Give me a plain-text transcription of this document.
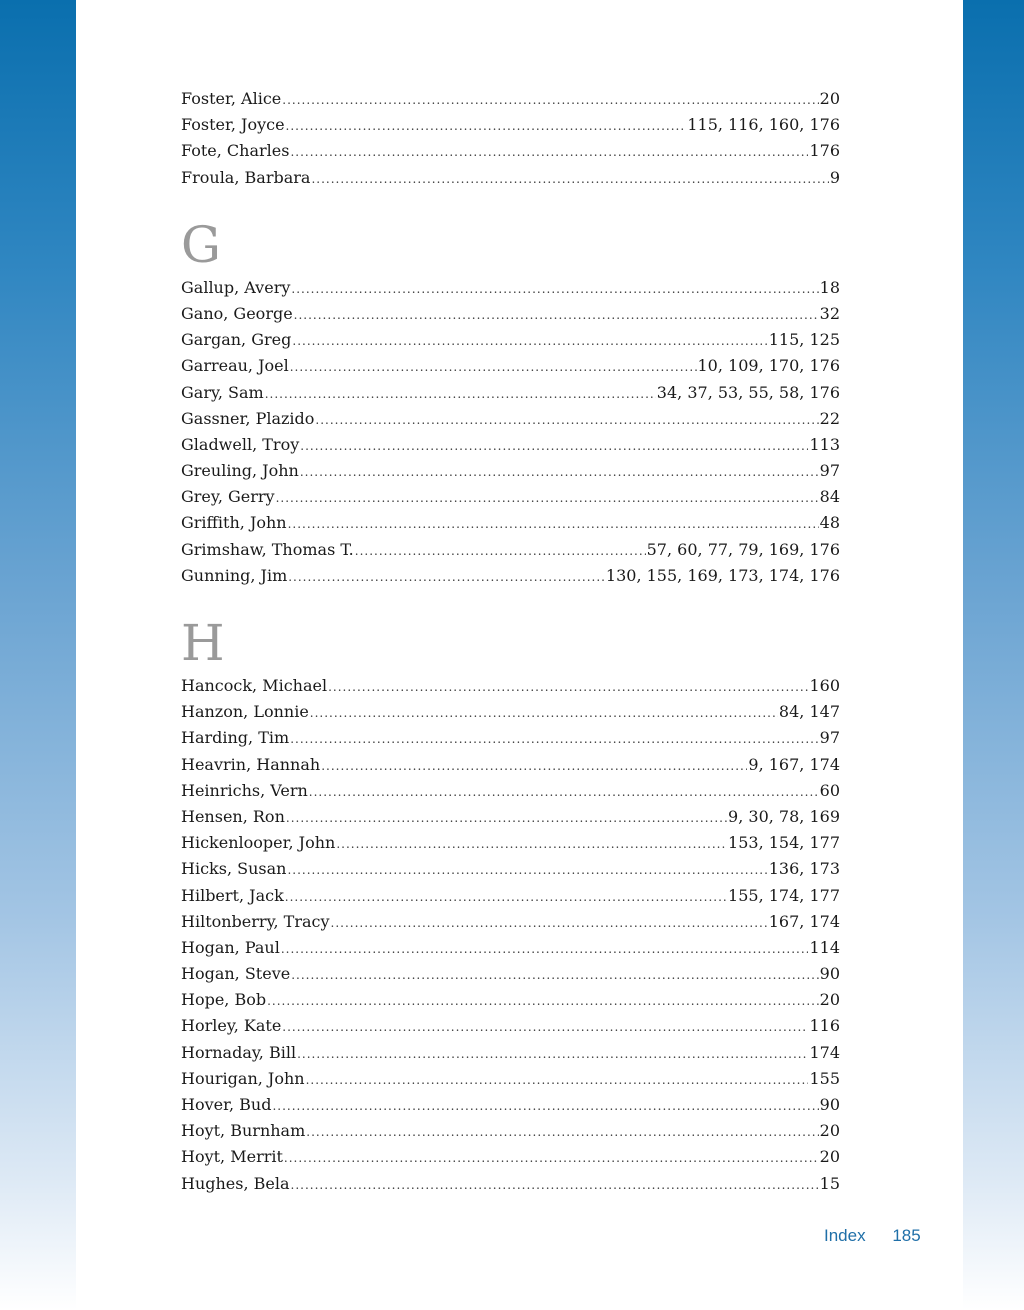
Foster, Alice .....	20
Foster, Joyce .....	115, 116, 160, 176
Fote, Charles .....	176
Froula, Barbara .....	9
G
Gallup, Avery .....	18
Gano, George .....	32
Gargan, Greg .....	115, 125
Garreau, Joel .....	10, 109, 170, 176
Gary, Sam .....	34, 37, 53, 55, 58, 176
Gassner, Plazido .....	22
Gladwell, Troy .....	113
Greuling, John .....	97
Grey, Gerry .....	84
Griffith, John .....	48
Grimshaw, Thomas T. .....	57, 60, 77, 79, 169, 176
Gunning, Jim .....	130, 155, 169, 173, 174, 176
H
Hancock, Michael .....	160
Hanzon, Lonnie .....	84, 147
Harding, Tim .....	97
Heavrin, Hannah .....	9, 167, 174
Heinrichs, Vern .....	60
Hensen, Ron .....	9, 30, 78, 169
Hickenlooper, John .....	153, 154, 177
Hicks, Susan .....	136, 173
Hilbert, Jack .....	155, 174, 177
Hiltonberry, Tracy .....	167, 174
Hogan, Paul .....	114
Hogan, Steve .....	90
Hope, Bob .....	20
Horley, Kate .....	116
Hornaday, Bill .....	174
Hourigan, John .....	155
Hover, Bud .....	90
Hoyt, Burnham .....	20
Hoyt, Merrit .....	20
Hughes, Bela .....	15
Index 185
